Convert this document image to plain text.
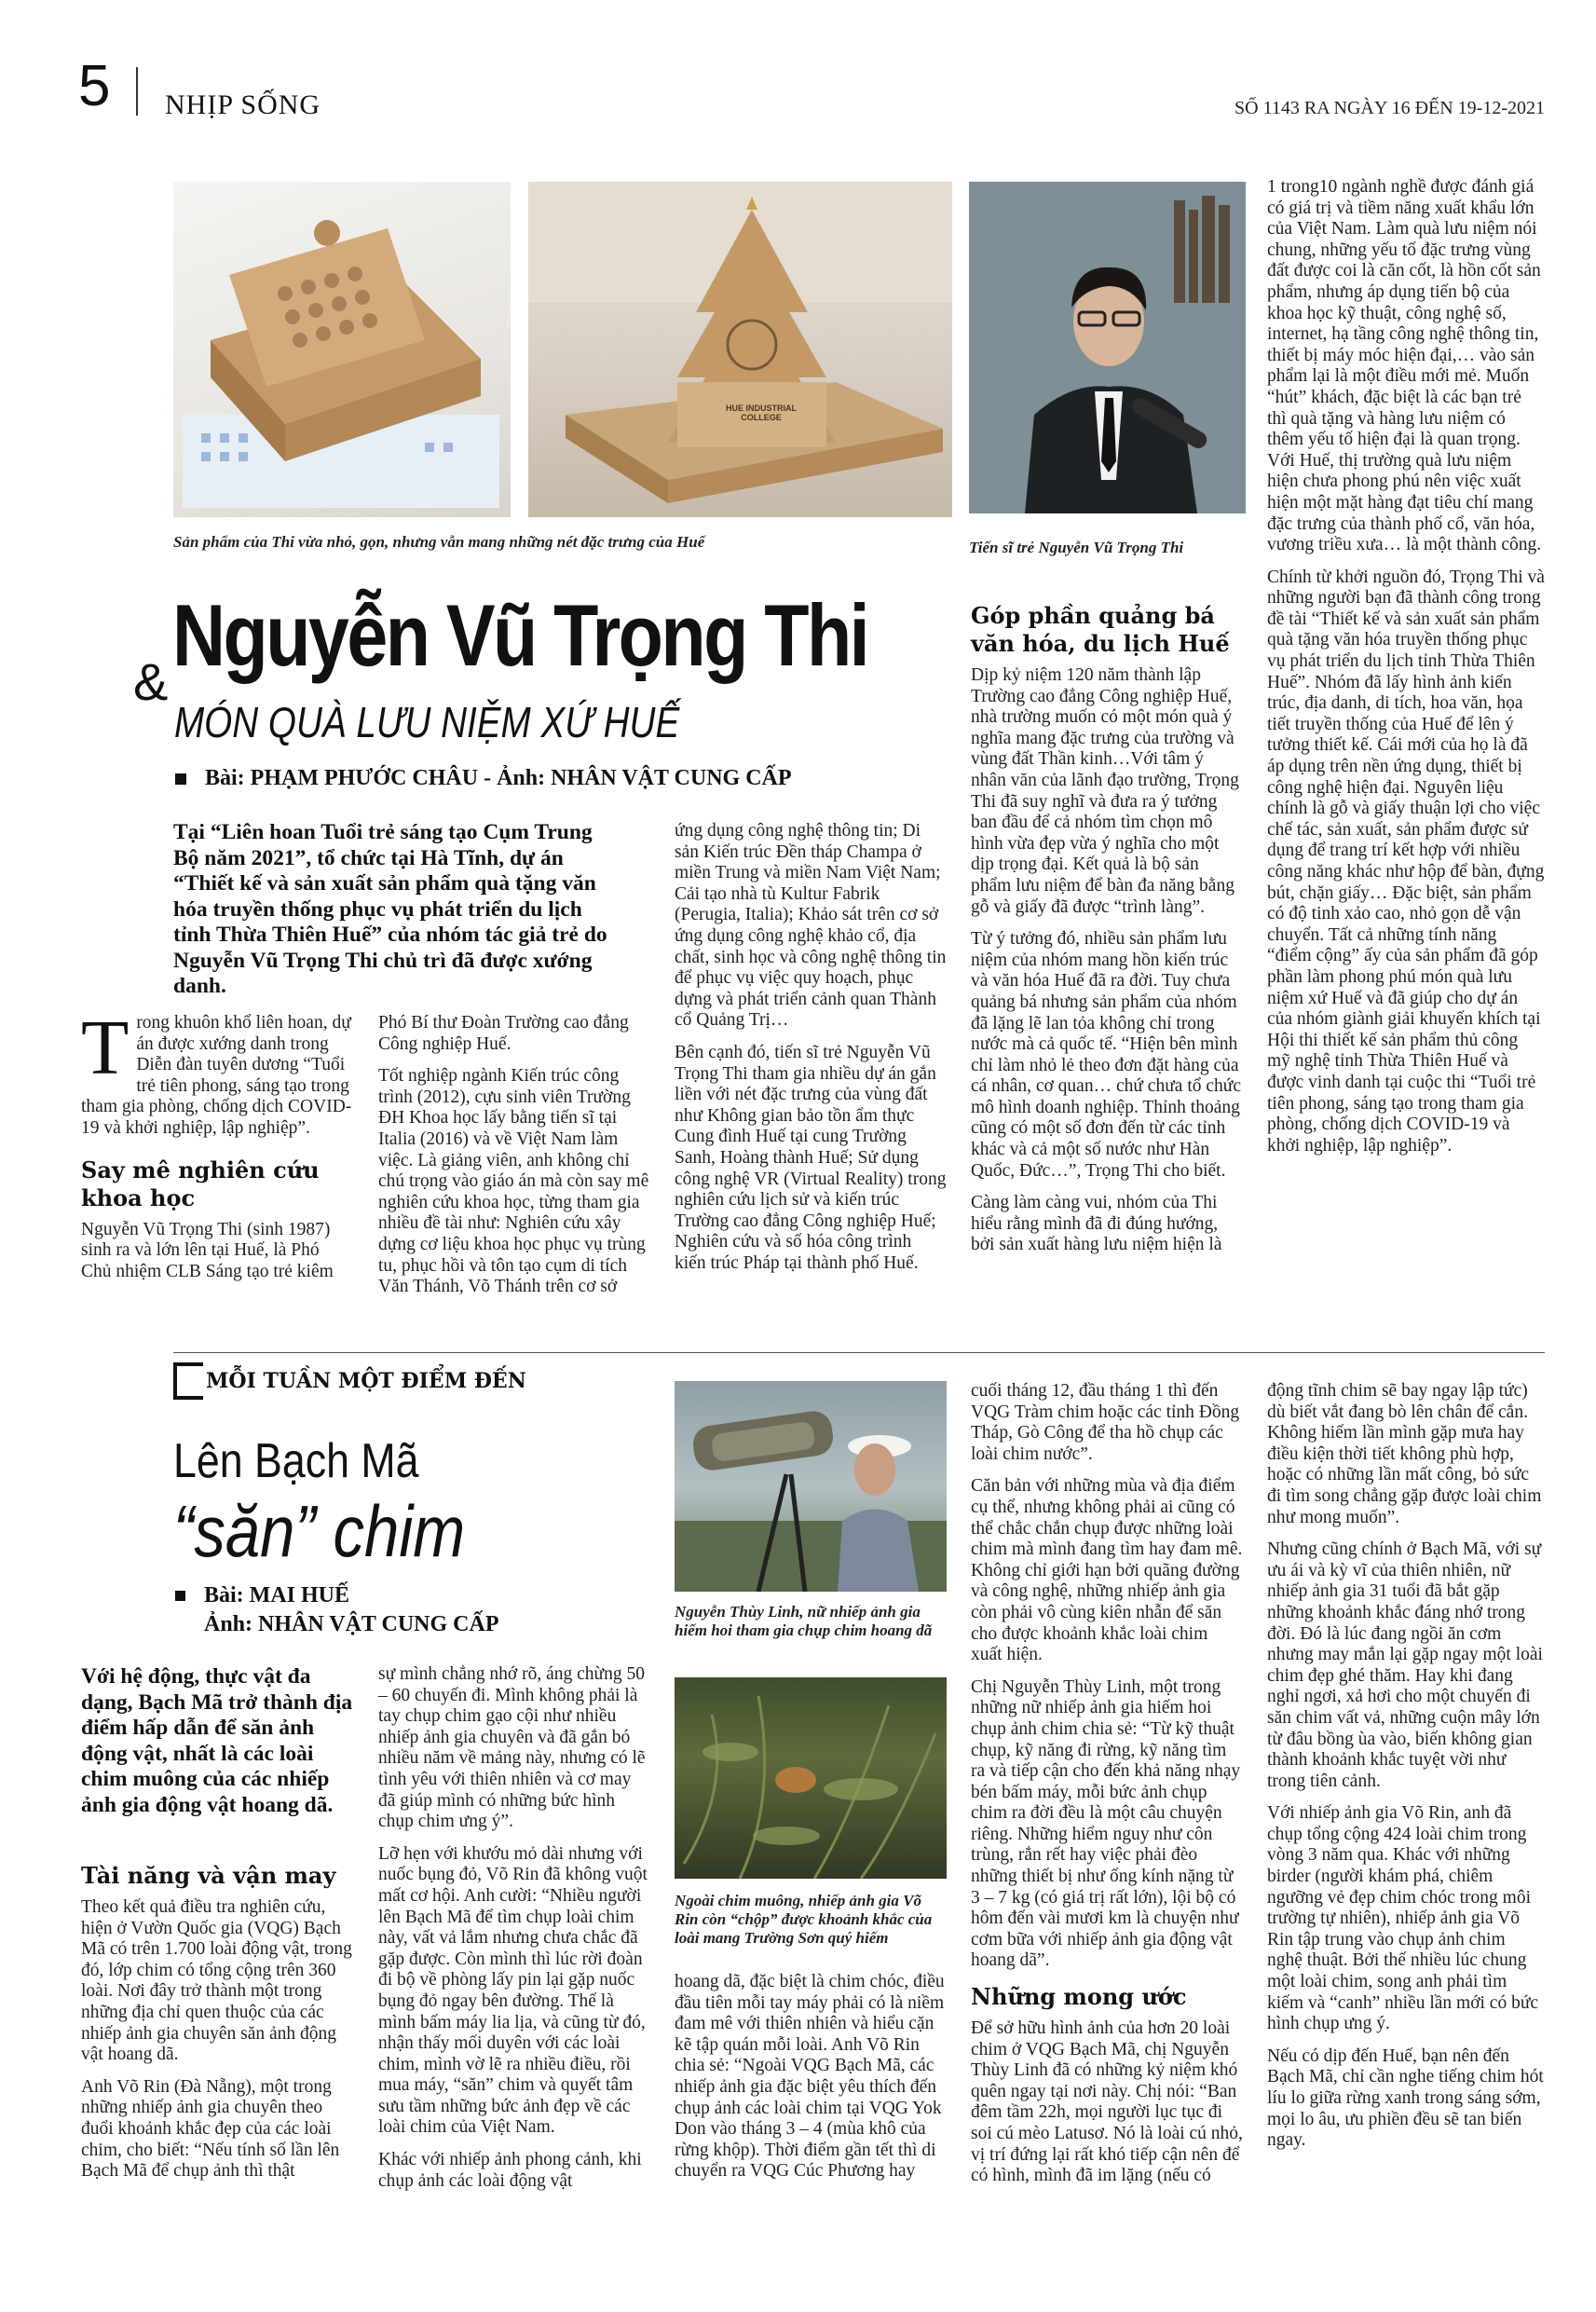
5 NHỊP SỐNG	SỐ 1143 RA NGÀY 16 ĐẾN 19-12-2021
HUE INDUSTRIAL COLLEGE
Sản phẩm của Thi vừa nhỏ, gọn, nhưng vẫn mang những nét đặc trưng của Huế	Tiến sĩ trẻ Nguyễn Vũ Trọng Thi
& Nguyễn Vũ Trọng Thi
MÓN QUÀ LƯU NIỆM XỨ HUẾ
Bài: PHẠM PHƯỚC CHÂU - Ảnh: NHÂN VẬT CUNG CẤP
Tại “Liên hoan Tuổi trẻ sáng tạo Cụm Trung Bộ năm 2021”, tổ chức tại Hà Tĩnh, dự án “Thiết kế và sản xuất sản phẩm quà tặng văn hóa truyền thống phục vụ phát triển du lịch tỉnh Thừa Thiên Huế” của nhóm tác giả trẻ do Nguyễn Vũ Trọng Thi chủ trì đã được xướng danh.

Trong khuôn khổ liên hoan, dự án được xướng danh trong Diễn đàn tuyên dương “Tuổi trẻ tiên phong, sáng tạo trong tham gia phòng, chống dịch COVID-19 và khởi nghiệp, lập nghiệp”.

Say mê nghiên cứu khoa học

Nguyễn Vũ Trọng Thi (sinh 1987) sinh ra và lớn lên tại Huế, là Phó Chủ nhiệm CLB Sáng tạo trẻ kiêm

Phó Bí thư Đoàn Trường cao đẳng Công nghiệp Huế.

Tốt nghiệp ngành Kiến trúc công trình (2012), cựu sinh viên Trường ĐH Khoa học lấy bằng tiến sĩ tại Italia (2016) và về Việt Nam làm việc. Là giảng viên, anh không chỉ chú trọng vào giáo án mà còn say mê nghiên cứu khoa học, từng tham gia nhiều đề tài như: Nghiên cứu xây dựng cơ liệu khoa học phục vụ trùng tu, phục hồi và tôn tạo cụm di tích Văn Thánh, Võ Thánh trên cơ sở

ứng dụng công nghệ thông tin; Di sản Kiến trúc Đền tháp Champa ở miền Trung và miền Nam Việt Nam; Cải tạo nhà tù Kultur Fabrik (Perugia, Italia); Khảo sát trên cơ sở ứng dụng công nghệ khảo cổ, địa chất, sinh học và công nghệ thông tin để phục vụ việc quy hoạch, phục dựng và phát triển cảnh quan Thành cổ Quảng Trị…

Bên cạnh đó, tiến sĩ trẻ Nguyễn Vũ Trọng Thi tham gia nhiều dự án gắn liền với nét đặc trưng của vùng đất như Không gian bảo tồn ẩm thực Cung đình Huế tại cung Trường Sanh, Hoàng thành Huế; Sử dụng công nghệ VR (Virtual Reality) trong nghiên cứu lịch sử và kiến trúc Trường cao đẳng Công nghiệp Huế; Nghiên cứu và số hóa công trình kiến trúc Pháp tại thành phố Huế.

Góp phần quảng bá văn hóa, du lịch Huế

Dịp kỷ niệm 120 năm thành lập Trường cao đẳng Công nghiệp Huế, nhà trường muốn có một món quà ý nghĩa mang đặc trưng của trường và vùng đất Thần kinh…Với tâm ý nhân văn của lãnh đạo trường, Trọng Thi đã suy nghĩ và đưa ra ý tưởng ban đầu để cả nhóm tìm chọn mô hình vừa đẹp vừa ý nghĩa cho một dịp trọng đại. Kết quả là bộ sản phẩm lưu niệm để bàn đa năng bằng gỗ và giấy đã được “trình làng”.

Từ ý tưởng đó, nhiều sản phẩm lưu niệm của nhóm mang hồn kiến trúc và văn hóa Huế đã ra đời. Tuy chưa quảng bá nhưng sản phẩm của nhóm đã lặng lẽ lan tỏa không chỉ trong nước mà cả quốc tế. “Hiện bên mình chỉ làm nhỏ lẻ theo đơn đặt hàng của cá nhân, cơ quan… chứ chưa tổ chức mô hình doanh nghiệp. Thỉnh thoảng cũng có một số đơn đến từ các tỉnh khác và cả một số nước như Hàn Quốc, Đức…”, Trọng Thi cho biết.

Càng làm càng vui, nhóm của Thi hiểu rằng mình đã đi đúng hướng, bởi sản xuất hàng lưu niệm hiện là

1 trong10 ngành nghề được đánh giá có giá trị và tiềm năng xuất khẩu lớn của Việt Nam. Làm quà lưu niệm nói chung, những yếu tố đặc trưng vùng đất được coi là căn cốt, là hồn cốt sản phẩm, nhưng áp dụng tiến bộ của khoa học kỹ thuật, công nghệ số, internet, hạ tầng công nghệ thông tin, thiết bị máy móc hiện đại,… vào sản phẩm lại là một điều mới mẻ. Muốn “hút” khách, đặc biệt là các bạn trẻ thì quà tặng và hàng lưu niệm có thêm yếu tố hiện đại là quan trọng. Với Huế, thị trường quà lưu niệm hiện chưa phong phú nên việc xuất hiện một mặt hàng đạt tiêu chí mang đặc trưng của thành phố cổ, văn hóa, vương triều xưa… là một thành công.

Chính từ khởi nguồn đó, Trọng Thi và những người bạn đã thành công trong đề tài “Thiết kế và sản xuất sản phẩm quà tặng văn hóa truyền thống phục vụ phát triển du lịch tỉnh Thừa Thiên Huế”. Nhóm đã lấy hình ảnh kiến trúc, địa danh, di tích, hoa văn, họa tiết truyền thống của Huế để lên ý tưởng thiết kế. Cái mới của họ là đã áp dụng trên nền ứng dụng, thiết bị công nghệ hiện đại. Nguyên liệu chính là gỗ và giấy thuận lợi cho việc chế tác, sản xuất, sản phẩm được sử dụng để trang trí kết hợp với nhiều công năng khác như hộp để bàn, đựng bút, chặn giấy… Đặc biệt, sản phẩm có độ tinh xảo cao, nhỏ gọn dễ vận chuyển. Tất cả những tính năng “điểm cộng” ấy của sản phẩm đã góp phần làm phong phú món quà lưu niệm xứ Huế và đã giúp cho dự án của nhóm giành giải khuyến khích tại Hội thi thiết kế sản phẩm thủ công mỹ nghệ tỉnh Thừa Thiên Huế và được vinh danh tại cuộc thi “Tuổi trẻ tiên phong, sáng tạo trong tham gia phòng, chống dịch COVID-19 và khởi nghiệp, lập nghiệp”.

MỖI TUẦN MỘT ĐIỂM ĐẾN
Lên Bạch Mã
“săn” chim
Bài: MAI HUẾ
Ảnh: NHÂN VẬT CUNG CẤP
Với hệ động, thực vật đa dạng, Bạch Mã trở thành địa điểm hấp dẫn để săn ảnh động vật, nhất là các loài chim muông của các nhiếp ảnh gia động vật hoang dã.
Tài năng và vận may

Theo kết quả điều tra nghiên cứu, hiện ở Vườn Quốc gia (VQG) Bạch Mã có trên 1.700 loài động vật, trong đó, lớp chim có tổng cộng trên 360 loài. Nơi đây trở thành một trong những địa chỉ quen thuộc của các nhiếp ảnh gia chuyên săn ảnh động vật hoang dã.

Anh Võ Rin (Đà Nẵng), một trong những nhiếp ảnh gia chuyên theo đuổi khoảnh khắc đẹp của các loài chim, cho biết: “Nếu tính số lần lên Bạch Mã để chụp ảnh thì thật

sự mình chẳng nhớ rõ, áng chừng 50 – 60 chuyến đi. Mình không phải là tay chụp chim gạo cội như nhiều nhiếp ảnh gia chuyên và đã gắn bó nhiều năm về mảng này, nhưng có lẽ tình yêu với thiên nhiên và cơ may đã giúp mình có những bức hình chụp chim ưng ý”.

Lỡ hẹn với khướu mỏ dài nhưng với nuốc bụng đỏ, Võ Rin đã không vuột mất cơ hội. Anh cười: “Nhiều người lên Bạch Mã để tìm chụp loài chim này, vất vả lắm nhưng chưa chắc đã gặp được. Còn mình thì lúc rời đoàn đi bộ về phòng lấy pin lại gặp nuốc bụng đỏ ngay bên đường. Thế là mình bấm máy lia lịa, và cũng từ đó, nhận thấy mối duyên với các loài chim, mình vờ lẽ ra nhiều điều, rồi mua máy, “săn” chim và quyết tâm sưu tầm những bức ảnh đẹp về các loài chim của Việt Nam.

Khác với nhiếp ảnh phong cảnh, khi chụp ảnh các loài động vật

Nguyễn Thùy Linh, nữ nhiếp ảnh gia hiếm hoi tham gia chụp chim hoang dã
Ngoài chim muông, nhiếp ảnh gia Võ Rin còn “chộp” được khoảnh khắc của loài mang Trường Sơn quý hiếm

hoang dã, đặc biệt là chim chóc, điều đầu tiên mỗi tay máy phải có là niềm đam mê với thiên nhiên và hiểu cặn kẽ tập quán mỗi loài. Anh Võ Rin chia sẻ: “Ngoài VQG Bạch Mã, các nhiếp ảnh gia đặc biệt yêu thích đến chụp ảnh các loài chim tại VQG Yok Don vào tháng 3 – 4 (mùa khô của rừng khộp). Thời điểm gần tết thì di chuyển ra VQG Cúc Phương hay

cuối tháng 12, đầu tháng 1 thì đến VQG Tràm chim hoặc các tỉnh Đồng Tháp, Gò Công để tha hồ chụp các loài chim nước”.

Căn bản với những mùa và địa điểm cụ thể, nhưng không phải ai cũng có thể chắc chắn chụp được những loài chim mà mình đang tìm hay đam mê. Không chỉ giới hạn bởi quãng đường và công nghệ, những nhiếp ảnh gia còn phải vô cùng kiên nhẫn để săn cho được khoảnh khắc loài chim xuất hiện.

Chị Nguyễn Thùy Linh, một trong những nữ nhiếp ảnh gia hiếm hoi chụp ảnh chim chia sẻ: “Từ kỹ thuật chụp, kỹ năng đi rừng, kỹ năng tìm ra và tiếp cận cho đến khả năng nhạy bén bấm máy, mỗi bức ảnh chụp chim ra đời đều là một câu chuyện riêng. Những hiểm nguy như côn trùng, rắn rết hay việc phải đèo những thiết bị như ống kính nặng từ 3 – 7 kg (có giá trị rất lớn), lội bộ có hôm đến vài mươi km là chuyện như cơm bữa với nhiếp ảnh gia động vật hoang dã”.

Những mong ước

Để sở hữu hình ảnh của hơn 20 loài chim ở VQG Bạch Mã, chị Nguyễn Thùy Linh đã có những kỷ niệm khó quên ngay tại nơi này. Chị nói: “Ban đêm tầm 22h, mọi người lục tục đi soi cú mèo Latusơ. Nó là loài cú nhỏ, vị trí đứng lại rất khó tiếp cận nên để có hình, mình đã im lặng (nếu có

động tĩnh chim sẽ bay ngay lập tức) dù biết vắt đang bò lên chân để cắn. Không hiếm lần mình gặp mưa hay điều kiện thời tiết không phù hợp, hoặc có những lần mất công, bỏ sức đi tìm song chẳng gặp được loài chim như mong muốn”.

Nhưng cũng chính ở Bạch Mã, với sự ưu ái và kỳ vĩ của thiên nhiên, nữ nhiếp ảnh gia 31 tuổi đã bắt gặp những khoảnh khắc đáng nhớ trong đời. Đó là lúc đang ngồi ăn cơm nhưng may mắn lại gặp ngay một loài chim đẹp ghé thăm. Hay khi đang nghỉ ngơi, xả hơi cho một chuyến đi săn chim vất vả, những cuộn mây lớn từ đâu bồng ùa vào, biến không gian thành khoảnh khắc tuyệt vời như trong tiên cảnh.

Với nhiếp ảnh gia Võ Rin, anh đã chụp tổng cộng 424 loài chim trong vòng 3 năm qua. Khác với những birder (người khám phá, chiêm ngưỡng vẻ đẹp chim chóc trong môi trường tự nhiên), nhiếp ảnh gia Võ Rin tập trung vào chụp ảnh chim nghệ thuật. Bởi thế nhiều lúc chung một loài chim, song anh phải tìm kiếm và “canh” nhiều lần mới có bức hình chụp ưng ý.

Nếu có dịp đến Huế, bạn nên đến Bạch Mã, chỉ cần nghe tiếng chim hót líu lo giữa rừng xanh trong sáng sớm, mọi lo âu, ưu phiền đều sẽ tan biến ngay.
